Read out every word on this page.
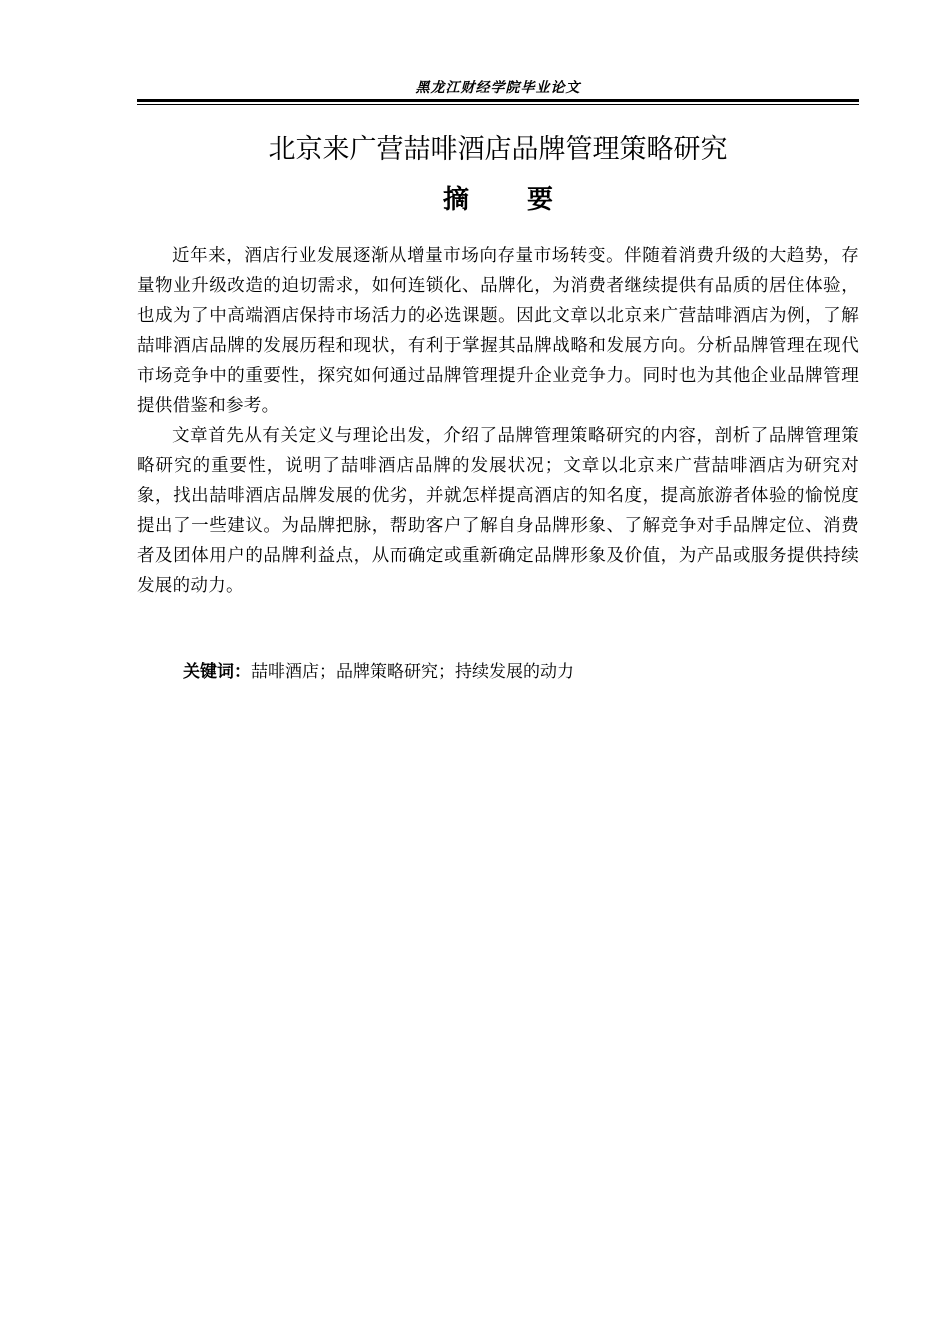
黑龙江财经学院毕业论文
北京来广营喆啡酒店品牌管理策略研究
摘 要

近年来，酒店行业发展逐渐从增量市场向存量市场转变。伴随着消费升级的大趋势，存量物业升级改造的迫切需求，如何连锁化、品牌化，为消费者继续提供有品质的居住体验，也成为了中高端酒店保持市场活力的必选课题。因此文章以北京来广营喆啡酒店为例，了解喆啡酒店品牌的发展历程和现状，有利于掌握其品牌战略和发展方向。分析品牌管理在现代市场竞争中的重要性，探究如何通过品牌管理提升企业竞争力。同时也为其他企业品牌管理提供借鉴和参考。

文章首先从有关定义与理论出发，介绍了品牌管理策略研究的内容，剖析了品牌管理策略研究的重要性，说明了喆啡酒店品牌的发展状况；文章以北京来广营喆啡酒店为研究对象，找出喆啡酒店品牌发展的优劣，并就怎样提高酒店的知名度，提高旅游者体验的愉悦度提出了一些建议。为品牌把脉，帮助客户了解自身品牌形象、了解竞争对手品牌定位、消费者及团体用户的品牌利益点，从而确定或重新确定品牌形象及价值，为产品或服务提供持续发展的动力。

关键词：喆啡酒店；品牌策略研究；持续发展的动力
